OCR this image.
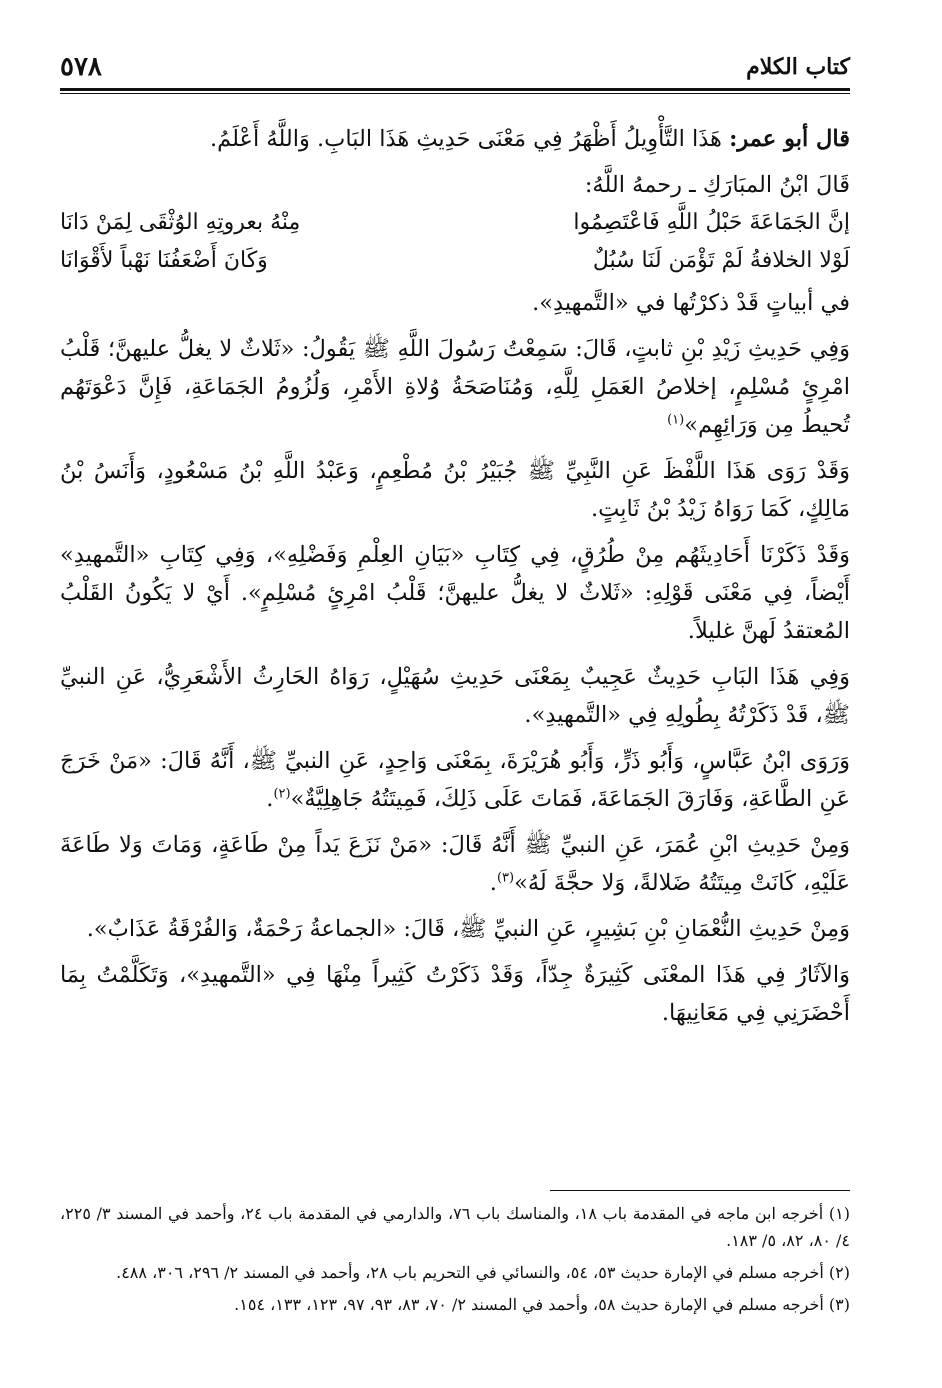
كتاب الكلام
٥٧٨

قال أبو عمر: هَذَا التَّأْوِيلُ أَظْهَرُ فِي مَعْنَى حَدِيثِ هَذَا البَابِ. وَاللَّهُ أَعْلَمُ.

قَالَ ابْنُ المبَارَكِ ـ رحمهُ اللَّهُ:

إنَّ الجَمَاعَةَ حَبْلُ اللَّهِ فَاعْتَصِمُوا
مِنْهُ بعروتِهِ الوُثْقَى لِمَنْ دَانَا
لَوْلا الخلافةُ لَمْ تَؤْمَن لَنَا سُبُلٌ
وَكَانَ أَضْعَفُنَا نَهْباً لأَقْوَانَا

في أبياتٍ قَدْ ذكرْتُها في «التَّمهيدِ».

وَفِي حَدِيثِ زَيْدِ بْنِ ثابتٍ، قَالَ: سَمِعْتُ رَسُولَ اللَّهِ ﷺ يَقُولُ: «ثَلاثٌ لا يغلُّ عليهنَّ؛ قَلْبُ امْرِئٍ مُسْلِمٍ، إخلاصُ العَمَلِ لِلَّهِ، وَمُنَاصَحَةُ وُلاةِ الأَمْرِ، وَلُزُومُ الجَمَاعَةِ، فَإِنَّ دَعْوَتَهُم تُحيطُ مِن وَرَائِهِم»$^{(١)}$

وَقَدْ رَوَى هَذَا اللَّفْظَ عَنِ النَّبِيِّ ﷺ جُبَيْرُ بْنُ مُطْعِمٍ، وَعَبْدُ اللَّهِ بْنُ مَسْعُودٍ، وَأَنَسُ بْنُ مَالِكٍ، كَمَا رَوَاهُ زَيْدُ بْنُ ثَابِتٍ.

وَقَدْ ذَكَرْنَا أَحَادِيثَهُم مِنْ طُرُقٍ، فِي كِتَابِ «بَيَانِ العِلْمِ وَفَضْلِهِ»، وَفِي كِتَابِ «التَّمهيدِ» أَيْضاً، فِي مَعْنَى قَوْلِهِ: «ثَلاثٌ لا يغلُّ عليهنَّ؛ قَلْبُ امْرِئٍ مُسْلِمٍ». أَيْ لا يَكُونُ القَلْبُ المُعتقدُ لَهنَّ غليلاً.

وَفِي هَذَا البَابِ حَدِيثٌ عَجِيبٌ بِمَعْنَى حَدِيثِ سُهَيْلٍ، رَوَاهُ الحَارِثُ الأَشْعَرِيُّ، عَنِ النبيِّ ﷺ، قَدْ ذَكَرْتُهُ بِطُولِهِ فِي «التَّمهيدِ».

وَرَوَى ابْنُ عَبَّاسٍ، وَأَبُو ذَرٍّ، وَأَبُو هُرَيْرَةَ، بِمَعْنَى وَاحِدٍ، عَنِ النبيِّ ﷺ، أَنَّهُ قَالَ: «مَنْ خَرَجَ عَنِ الطَّاعَةِ، وَفَارَقَ الجَمَاعَةَ، فَمَاتَ عَلَى ذَلِكَ، فَمِيتَتُهُ جَاهِلِيَّةٌ»$^{(٢)}$.

وَمِنْ حَدِيثِ ابْنِ عُمَرَ، عَنِ النبيِّ ﷺ أَنَّهُ قَالَ: «مَنْ نَزَعَ يَداً مِنْ طَاعَةٍ، وَمَاتَ وَلا طَاعَةَ عَلَيْهِ، كَانَتْ مِيتَتُهُ ضَلالةً، وَلا حجَّةَ لَهُ»$^{(٣)}$.

وَمِنْ حَدِيثِ النُّعْمَانِ بْنِ بَشِيرٍ، عَنِ النبيِّ ﷺ، قَالَ: «الجماعةُ رَحْمَةٌ، وَالفُرْقَةُ عَذَابٌ».

وَالآثَارُ فِي هَذَا المعْنَى كَثِيرَةٌ جِدّاً، وَقَدْ ذَكَرْتُ كَثِيراً مِنْهَا فِي «التَّمهيدِ»، وَتَكَلَّمْتُ بِمَا أَحْضَرَنِي فِي مَعَانِيهَا.

(١) أخرجه ابن ماجه في المقدمة باب ١٨، والمناسك باب ٧٦، والدارمي في المقدمة باب ٢٤، وأحمد في المسند ٣/ ٢٢٥، ٤/ ٨٠، ٨٢، ٥/ ١٨٣.

(٢) أخرجه مسلم في الإمارة حديث ٥٣، ٥٤، والنسائي في التحريم باب ٢٨، وأحمد في المسند ٢/ ٢٩٦، ٣٠٦، ٤٨٨.

(٣) أخرجه مسلم في الإمارة حديث ٥٨، وأحمد في المسند ٢/ ٧٠، ٨٣، ٩٣، ٩٧، ١٢٣، ١٣٣، ١٥٤.
